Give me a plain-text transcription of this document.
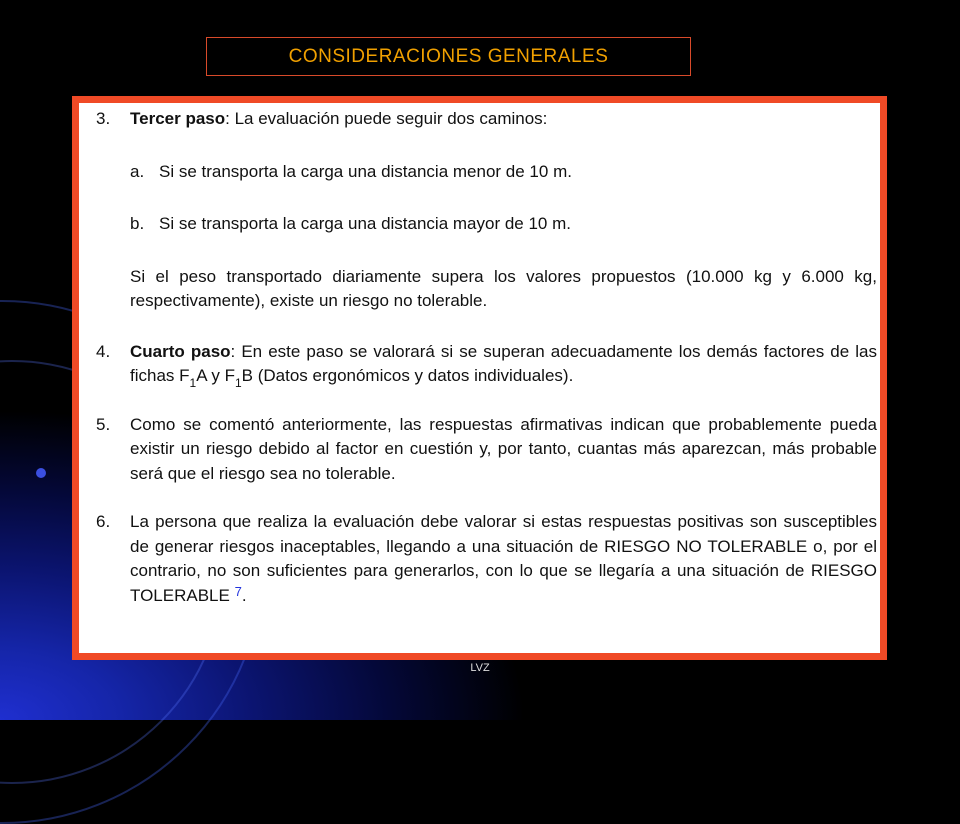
CONSIDERACIONES GENERALES

3. Tercer paso: La evaluación puede seguir dos caminos:

a. Si se transporta la carga una distancia menor de 10 m.

b. Si se transporta la carga una distancia mayor de 10 m.

Si el peso transportado diariamente supera los valores propuestos (10.000 kg y 6.000 kg, respectivamente), existe un riesgo no tolerable.

4. Cuarto paso: En este paso se valorará si se superan adecuadamente los demás factores de las fichas $F_1A$ y $F_1B$ (Datos ergonómicos y datos individuales).

5. Como se comentó anteriormente, las respuestas afirmativas indican que probablemente pueda existir un riesgo debido al factor en cuestión y, por tanto, cuantas más aparezcan, más probable será que el riesgo sea no tolerable.

6. La persona que realiza la evaluación debe valorar si estas respuestas positivas son susceptibles de generar riesgos inaceptables, llegando a una situación de RIESGO NO TOLERABLE o, por el contrario, no son suficientes para generarlos, con lo que se llegaría a una situación de RIESGO TOLERABLE $^7$.

LVZ
